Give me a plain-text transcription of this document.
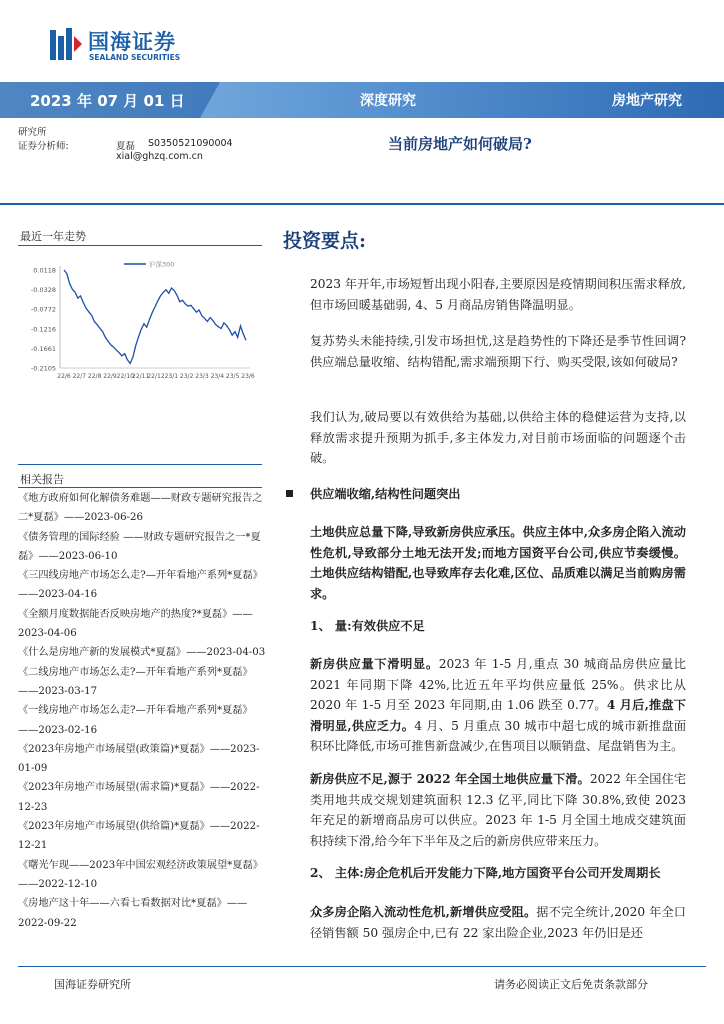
国海证券
SEALAND SECURITIES
2023 年 07 月 01 日	深度研究	房地产研究
研究所
证券分析师:	夏磊 S0350521090004
xial@ghzq.com.cn
当前房地产如何破局?
最近一年走势
0.0118
-0.0328
-0.0772
-0.1216
-0.1661
-0.2105
22/6 22/7 22/8 22/9 22/10
22/11
22/12 23/1 23/2 23/3 23/4 23/5 23/6
沪深300
相关报告
《地方政府如何化解债务难题——财政专题研究报告之二*夏磊》——2023-06-26
《债务管理的国际经验 ——财政专题研究报告之一*夏磊》——2023-06-10
《三四线房地产市场怎么走?—开年看地产系列*夏磊》——2023-04-16
《全额月度数据能否反映房地产的热度?*夏磊》——2023-04-06
《什么是房地产新的发展模式*夏磊》——2023-04-03
《二线房地产市场怎么走?—开年看地产系列*夏磊》——2023-03-17
《一线房地产市场怎么走?—开年看地产系列*夏磊》——2023-02-16
《2023年房地产市场展望(政策篇)*夏磊》——2023-01-09
《2023年房地产市场展望(需求篇)*夏磊》——2022-12-23
《2023年房地产市场展望(供给篇)*夏磊》——2022-12-21
《曙光乍现——2023年中国宏观经济政策展望*夏磊》——2022-12-10
《房地产这十年——六看七看数据对比*夏磊》——2022-09-22
投资要点:
2023 年开年,市场短暂出现小阳春,主要原因是疫情期间积压需求释放,但市场回暖基础弱, 4、5 月商品房销售降温明显。
复苏势头未能持续,引发市场担忧,这是趋势性的下降还是季节性回调?供应端总量收缩、结构错配,需求端预期下行、购买受限,该如何破局?
我们认为,破局要以有效供给为基础,以供给主体的稳健运营为支持,以释放需求提升预期为抓手,多主体发力,对目前市场面临的问题逐个击破。
供应端收缩,结构性问题突出
土地供应总量下降,导致新房供应承压。供应主体中,众多房企陷入流动性危机,导致部分土地无法开发;而地方国资平台公司,供应节奏缓慢。土地供应结构错配,也导致库存去化难,区位、品质难以满足当前购房需求。
1、 量:有效供应不足
新房供应量下滑明显。2023 年 1-5 月,重点 30 城商品房供应量比 2021 年同期下降 42%,比近五年平均供应量低 25%。供求比从 2020 年 1-5 月至 2023 年同期,由 1.06 跌至 0.77。4 月后,推盘下滑明显,供应乏力。4 月、5 月重点 30 城市中超七成的城市新推盘面积环比降低,市场可推售新盘减少,在售项目以顺销盘、尾盘销售为主。
新房供应不足,源于 2022 年全国土地供应量下滑。2022 年全国住宅类用地共成交规划建筑面积 12.3 亿平,同比下降 30.8%,致使 2023 年充足的新增商品房可以供应。2023 年 1-5 月全国土地成交建筑面积持续下滑,给今年下半年及之后的新房供应带来压力。
2、 主体:房企危机后开发能力下降,地方国资平台公司开发周期长
众多房企陷入流动性危机,新增供应受阻。据不完全统计,2020 年全口径销售额 50 强房企中,已有 22 家出险企业,2023 年仍旧是还
国海证券研究所	请务必阅读正文后免责条款部分
